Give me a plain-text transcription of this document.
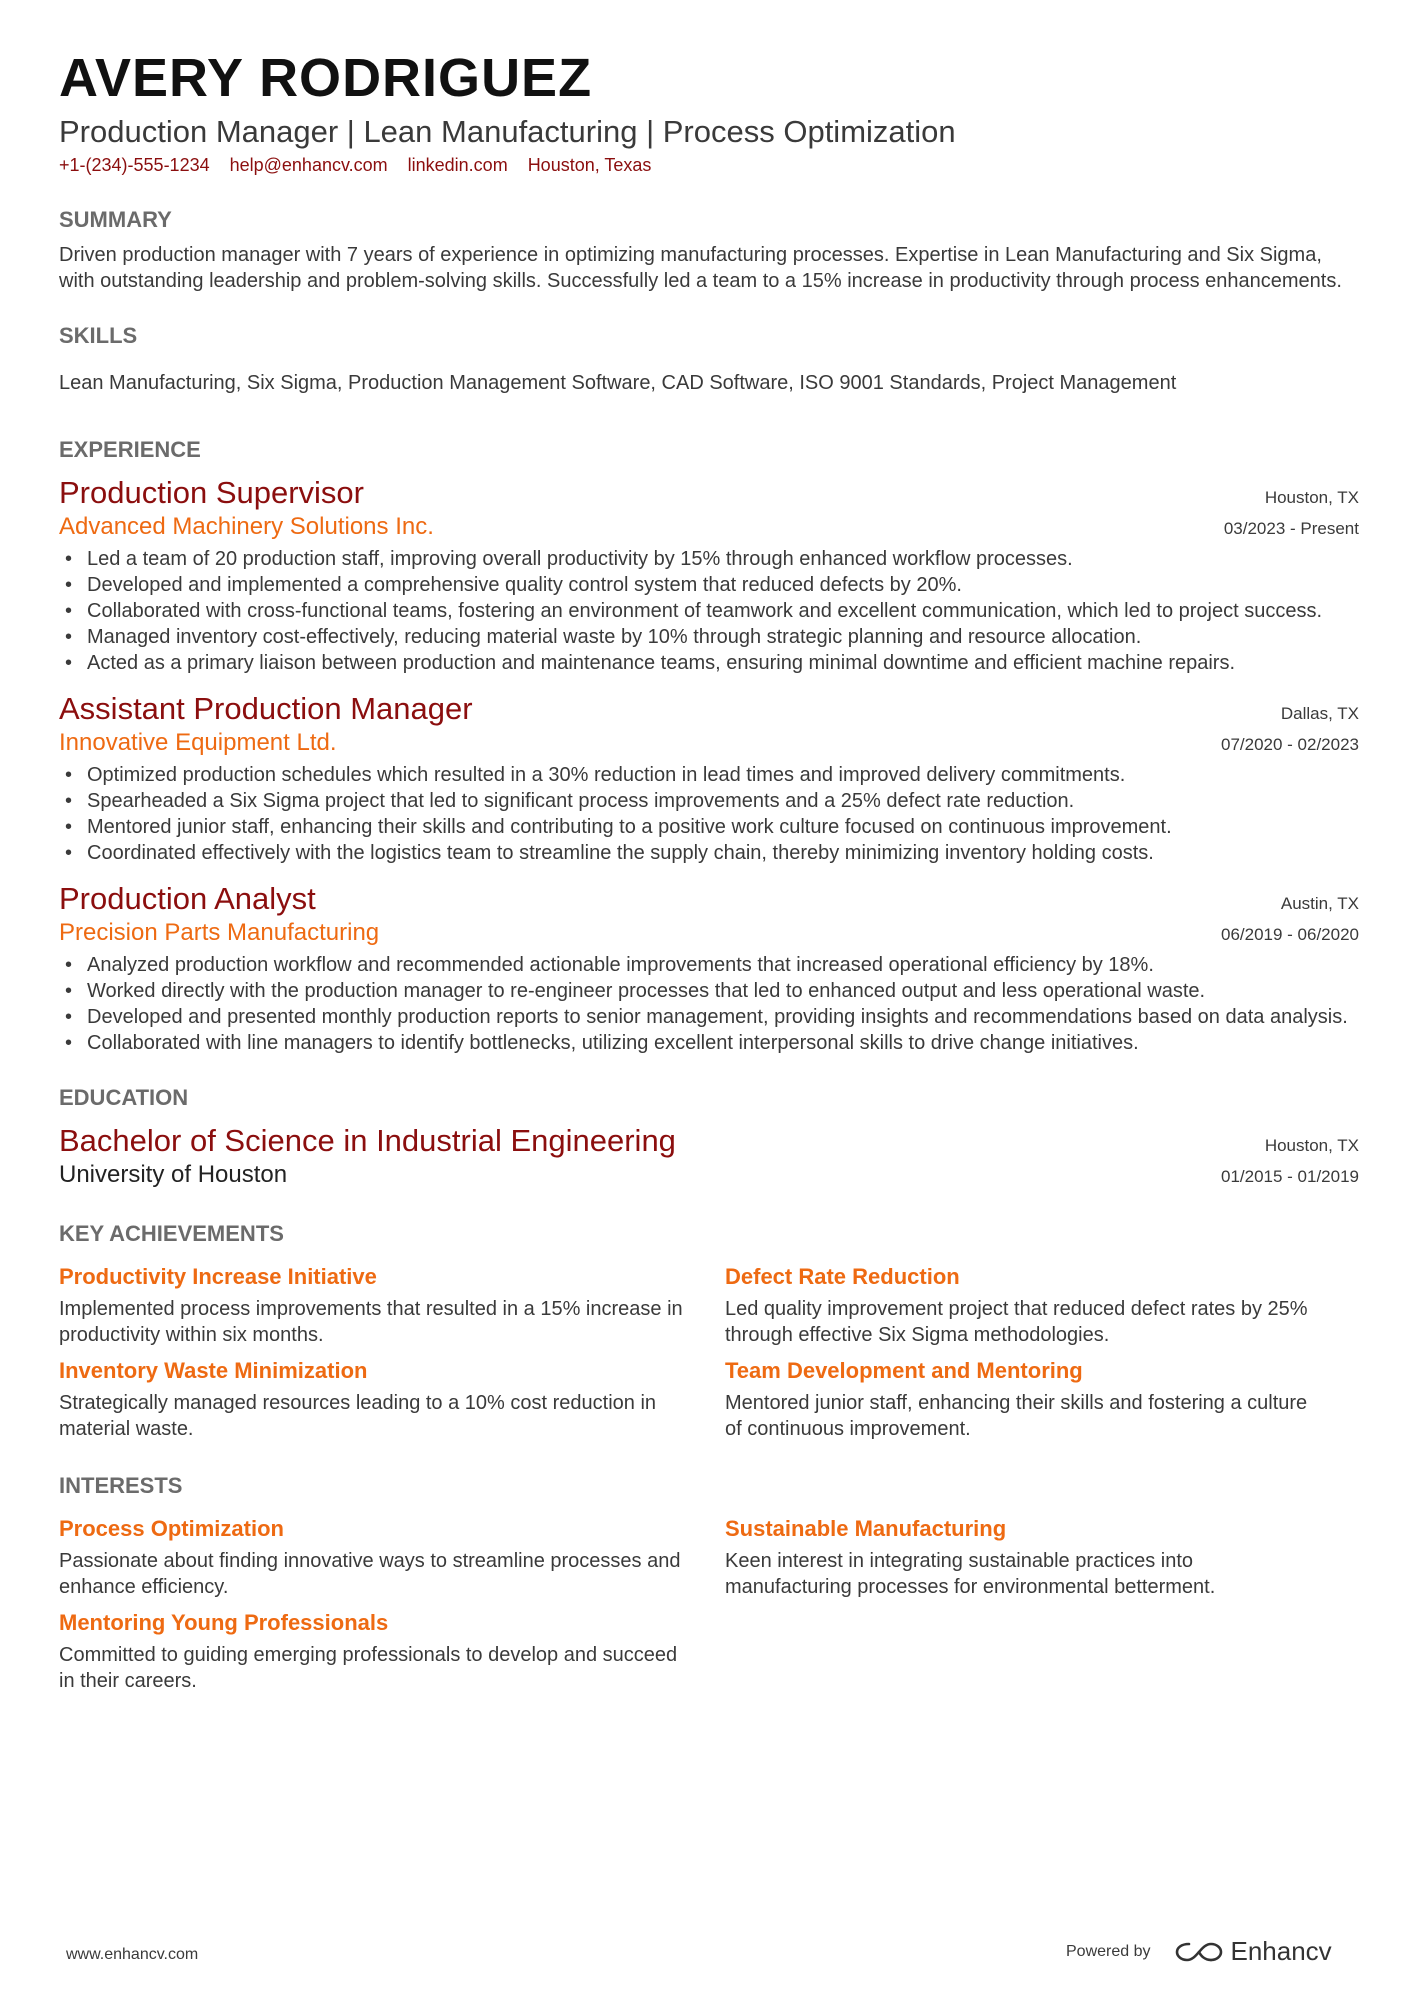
AVERY RODRIGUEZ
Production Manager | Lean Manufacturing | Process Optimization
+1-(234)-555-1234 help@enhancv.com linkedin.com Houston, Texas
SUMMARY
Driven production manager with 7 years of experience in optimizing manufacturing processes. Expertise in Lean Manufacturing and Six Sigma, with outstanding leadership and problem-solving skills. Successfully led a team to a 15% increase in productivity through process enhancements.
SKILLS
Lean Manufacturing, Six Sigma, Production Management Software, CAD Software, ISO 9001 Standards, Project Management
EXPERIENCE
Production Supervisor	Houston, TX
Advanced Machinery Solutions Inc.	03/2023 - Present
• Led a team of 20 production staff, improving overall productivity by 15% through enhanced workflow processes.
• Developed and implemented a comprehensive quality control system that reduced defects by 20%.
• Collaborated with cross-functional teams, fostering an environment of teamwork and excellent communication, which led to project success.
• Managed inventory cost-effectively, reducing material waste by 10% through strategic planning and resource allocation.
• Acted as a primary liaison between production and maintenance teams, ensuring minimal downtime and efficient machine repairs.
Assistant Production Manager	Dallas, TX
Innovative Equipment Ltd.	07/2020 - 02/2023
• Optimized production schedules which resulted in a 30% reduction in lead times and improved delivery commitments.
• Spearheaded a Six Sigma project that led to significant process improvements and a 25% defect rate reduction.
• Mentored junior staff, enhancing their skills and contributing to a positive work culture focused on continuous improvement.
• Coordinated effectively with the logistics team to streamline the supply chain, thereby minimizing inventory holding costs.
Production Analyst	Austin, TX
Precision Parts Manufacturing	06/2019 - 06/2020
• Analyzed production workflow and recommended actionable improvements that increased operational efficiency by 18%.
• Worked directly with the production manager to re-engineer processes that led to enhanced output and less operational waste.
• Developed and presented monthly production reports to senior management, providing insights and recommendations based on data analysis.
• Collaborated with line managers to identify bottlenecks, utilizing excellent interpersonal skills to drive change initiatives.
EDUCATION
Bachelor of Science in Industrial Engineering	Houston, TX
University of Houston	01/2015 - 01/2019
KEY ACHIEVEMENTS
Productivity Increase Initiative
Implemented process improvements that resulted in a 15% increase in productivity within six months.
Defect Rate Reduction
Led quality improvement project that reduced defect rates by 25% through effective Six Sigma methodologies.
Inventory Waste Minimization
Strategically managed resources leading to a 10% cost reduction in material waste.
Team Development and Mentoring
Mentored junior staff, enhancing their skills and fostering a culture of continuous improvement.
INTERESTS
Process Optimization
Passionate about finding innovative ways to streamline processes and enhance efficiency.
Sustainable Manufacturing
Keen interest in integrating sustainable practices into manufacturing processes for environmental betterment.
Mentoring Young Professionals
Committed to guiding emerging professionals to develop and succeed in their careers.
www.enhancv.com	Powered by	Enhancv
